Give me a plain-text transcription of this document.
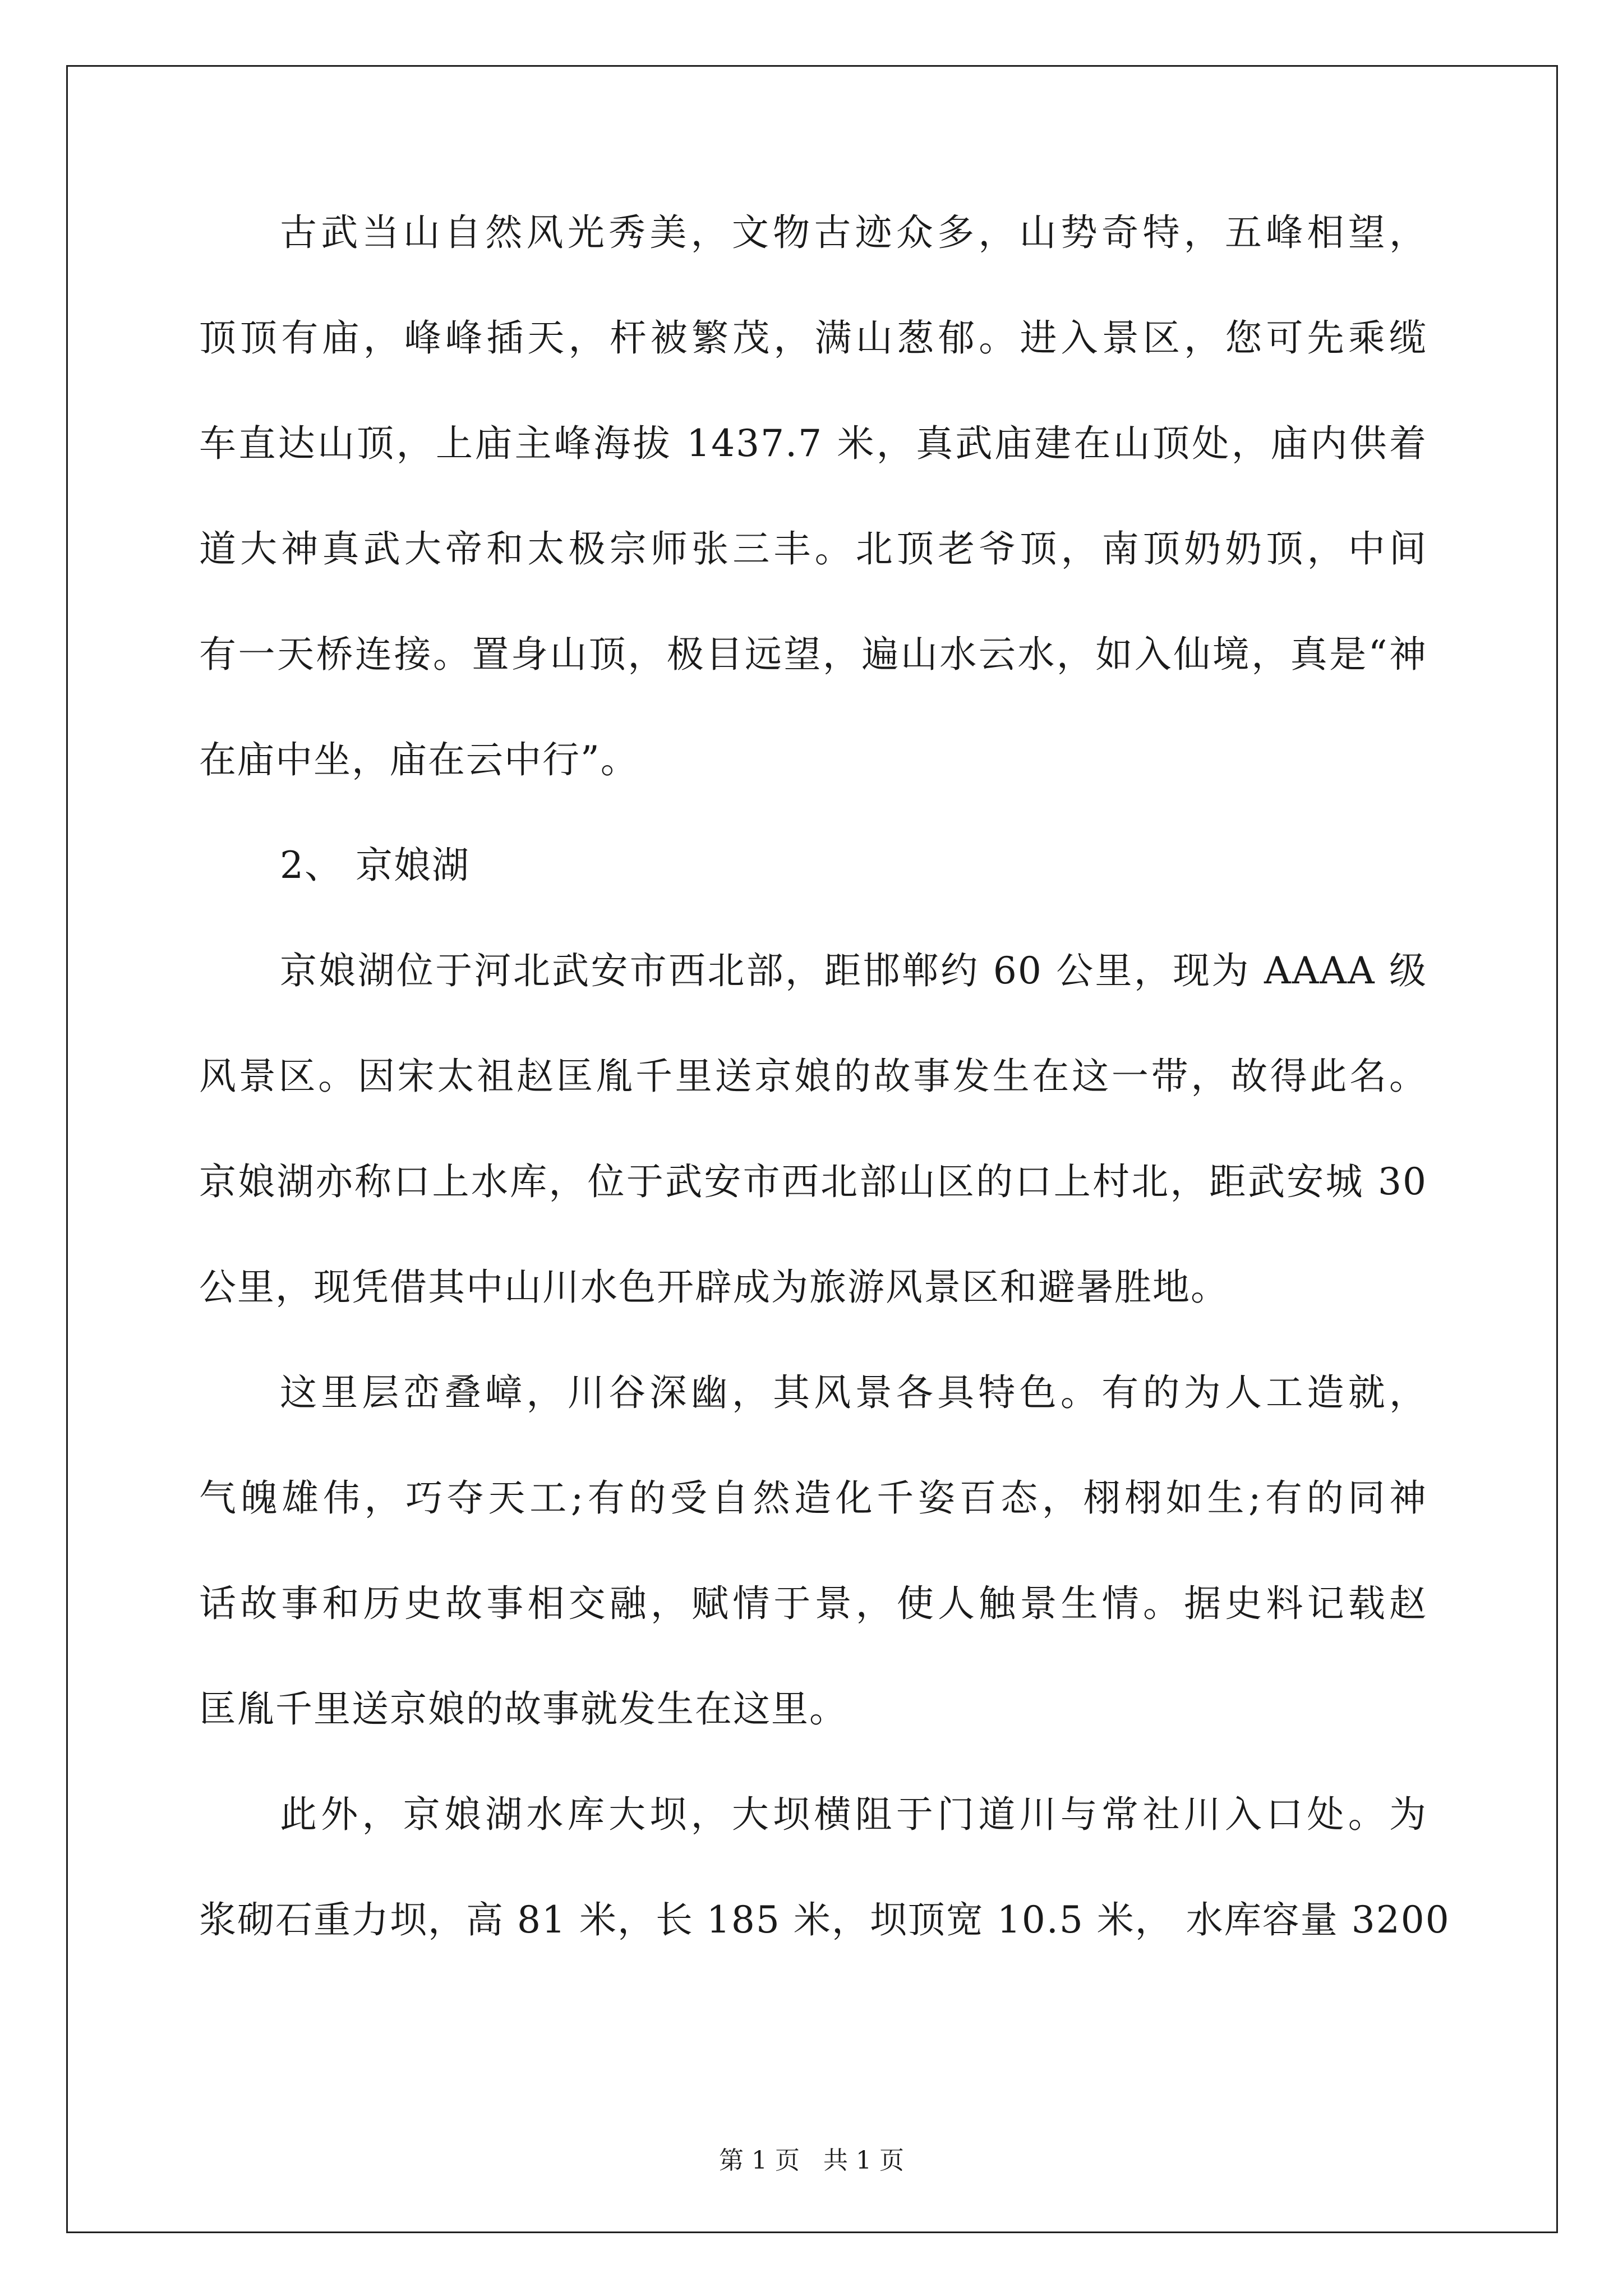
古武当山自然风光秀美，文物古迹众多，山势奇特，五峰相望，
顶顶有庙，峰峰插天，杆被繁茂，满山葱郁。进入景区，您可先乘缆
车直达山顶，上庙主峰海拔 1437.7 米，真武庙建在山顶处，庙内供着
道大神真武大帝和太极宗师张三丰。北顶老爷顶，南顶奶奶顶，中间
有一天桥连接。置身山顶，极目远望，遍山水云水，如入仙境，真是“神
在庙中坐，庙在云中行”。
2、 京娘湖
京娘湖位于河北武安市西北部，距邯郸约 60 公里，现为 AAAA 级
风景区。因宋太祖赵匡胤千里送京娘的故事发生在这一带，故得此名。
京娘湖亦称口上水库，位于武安市西北部山区的口上村北，距武安城 30
公里，现凭借其中山川水色开辟成为旅游风景区和避暑胜地。
这里层峦叠嶂，川谷深幽，其风景各具特色。有的为人工造就，
气魄雄伟，巧夺天工;有的受自然造化千姿百态，栩栩如生;有的同神
话故事和历史故事相交融，赋情于景，使人触景生情。据史料记载赵
匡胤千里送京娘的故事就发生在这里。
此外，京娘湖水库大坝，大坝横阻于门道川与常社川入口处。为
浆砌石重力坝，高 81 米，长 185 米，坝顶宽 10.5 米， 水库容量 3200
第 1 页   共 1 页
